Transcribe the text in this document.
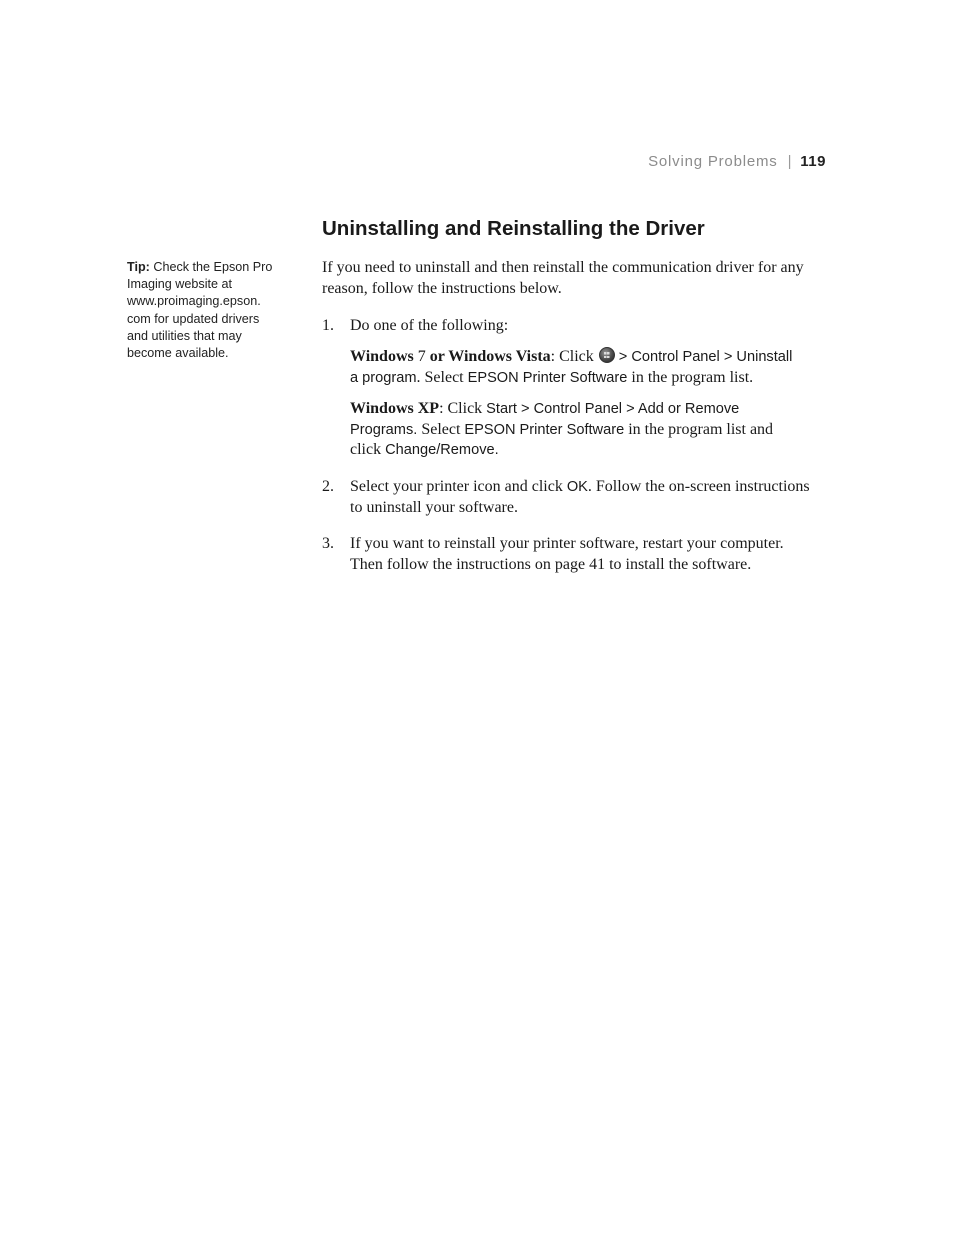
Solving Problems | 119
Uninstalling and Reinstalling the Driver
Tip: Check the Epson Pro
Imaging website at
www.proimaging.epson.
com for updated drivers
and utilities that may
become available.
If you need to uninstall and then reinstall the communication driver for any
reason, follow the instructions below.
1. Do one of the following:
Windows 7 or Windows Vista: Click > Control Panel > Uninstall
a program. Select EPSON Printer Software in the program list.
Windows XP: Click Start > Control Panel > Add or Remove
Programs. Select EPSON Printer Software in the program list and
click Change/Remove.
2. Select your printer icon and click OK. Follow the on-screen instructions
to uninstall your software.
3. If you want to reinstall your printer software, restart your computer.
Then follow the instructions on page 41 to install the software.
